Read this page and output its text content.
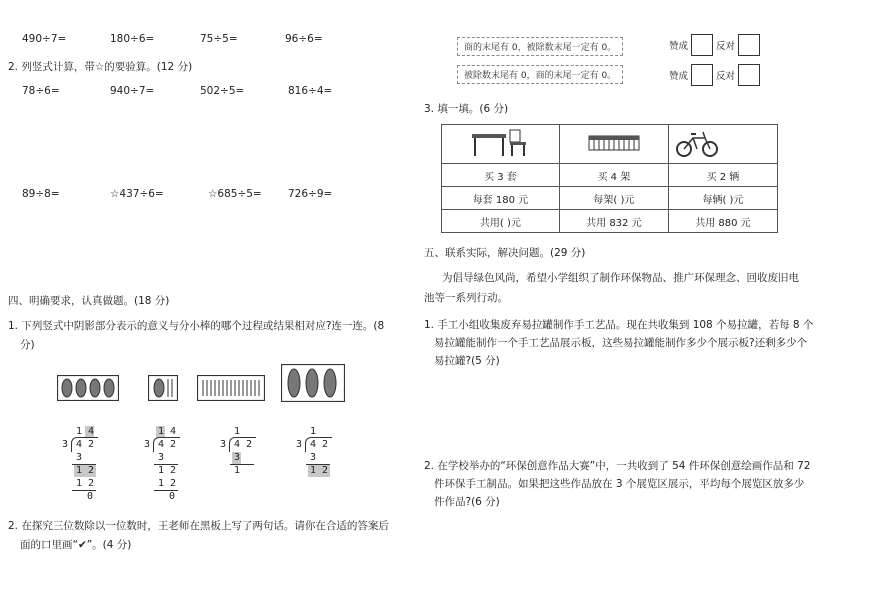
490÷7=	180÷6=	75÷5=	96÷6=
2. 列竖式计算，带☆的要验算。(12 分)
78÷6=	940÷7=	502÷5=	816÷4=
89÷8=	☆437÷6=	☆685÷5=	726÷9=
四、明确要求，认真做题。(18 分)
1. 下列竖式中阴影部分表示的意义与分小棒的哪个过程或结果相对应?连一连。(8
分)
1 4
3 4 2
3
1 2
1 2
0
1 4
3 4 2
3
1 2
1 2
0
1
3 4 2
3
1
1
3 4 2
3
1 2
2. 在探究三位数除以一位数时，王老师在黑板上写了两句话。请你在合适的答案后
面的口里画“✔”。(4 分)
商的末尾有 0，被除数末尾一定有 0。	赞成	反对
被除数末尾有 0，商的末尾一定有 0。	赞成	反对
3. 填一填。(6 分)

买 3 套	买 4 架	买 2 辆
每套 180 元	每架( )元	每辆( )元
共用( )元	共用 832 元	共用 880 元
五、联系实际，解决问题。(29 分)
为倡导绿色风尚，希望小学组织了制作环保物品、推广环保理念、回收废旧电
池等一系列行动。
1. 手工小组收集废弃易拉罐制作手工艺品。现在共收集到 108 个易拉罐，若每 8 个
易拉罐能制作一个手工艺品展示板，这些易拉罐能制作多少个展示板?还剩多少个
易拉罐?(5 分)
2. 在学校举办的“环保创意作品大赛”中，一共收到了 54 件环保创意绘画作品和 72
件环保手工制品。如果把这些作品放在 3 个展览区展示，平均每个展览区放多少
件作品?(6 分)
